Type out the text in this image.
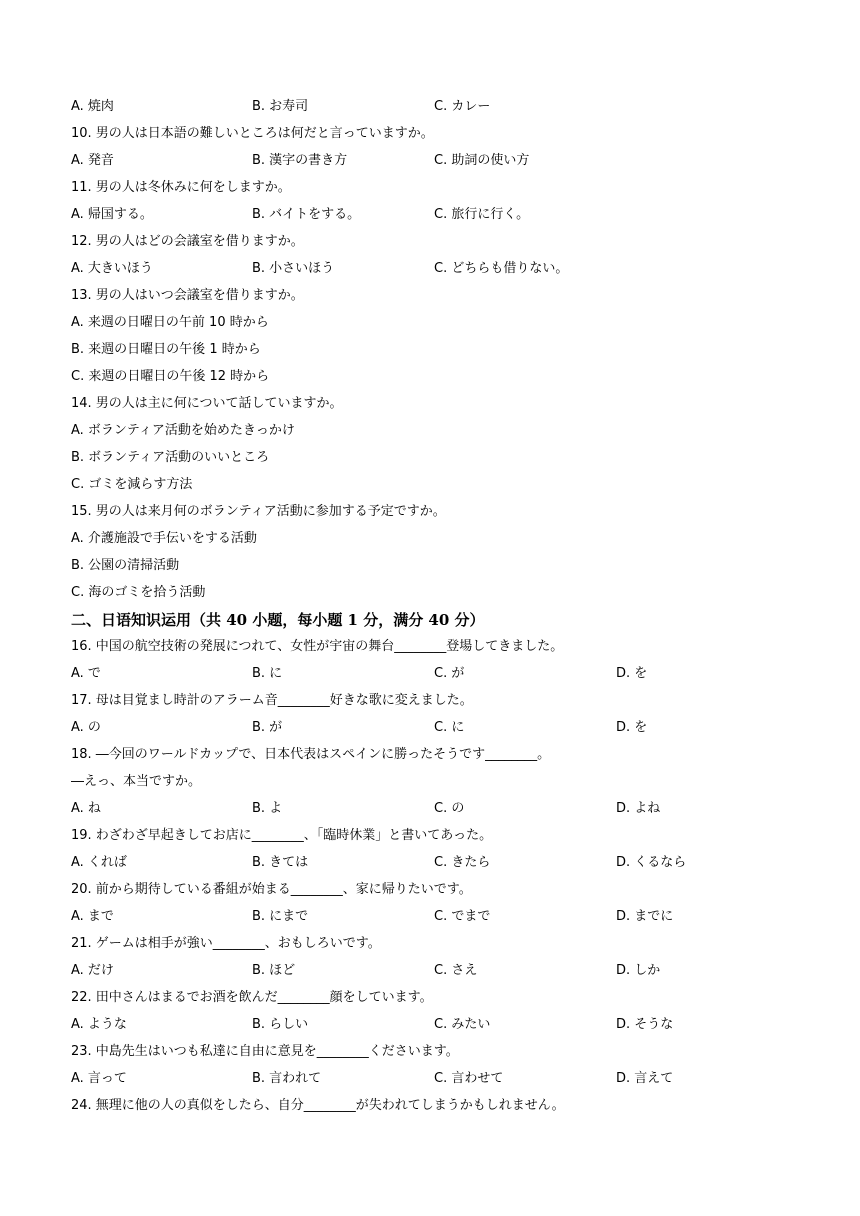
A. 焼肉	B. お寿司	C. カレー
10. 男の人は日本語の難しいところは何だと言っていますか。
A. 発音	B. 漢字の書き方	C. 助詞の使い方
11. 男の人は冬休みに何をしますか。
A. 帰国する。	B. バイトをする。	C. 旅行に行く。
12. 男の人はどの会議室を借りますか。
A. 大きいほう	B. 小さいほう	C. どちらも借りない。
13. 男の人はいつ会議室を借りますか。
A. 来週の日曜日の午前 10 時から
B. 来週の日曜日の午後 1 時から
C. 来週の日曜日の午後 12 時から
14. 男の人は主に何について話していますか。
A. ボランティア活動を始めたきっかけ
B. ボランティア活動のいいところ
C. ゴミを減らす方法
15. 男の人は来月何のボランティア活動に参加する予定ですか。
A. 介護施設で手伝いをする活動
B. 公園の清掃活動
C. 海のゴミを拾う活動
二、日语知识运用（共 40 小题，每小题 1 分，满分 40 分）
16. 中国の航空技術の発展につれて、女性が宇宙の舞台________登場してきました。
A. で	B. に	C. が	D. を
17. 母は目覚まし時計のアラーム音________好きな歌に変えました。
A. の	B. が	C. に	D. を
18. ―今回のワールドカップで、日本代表はスペインに勝ったそうです________。
―えっ、本当ですか。
A. ね	B. よ	C. の	D. よね
19. わざわざ早起きしてお店に________、「臨時休業」と書いてあった。
A. くれば	B. きては	C. きたら	D. くるなら
20. 前から期待している番組が始まる________、家に帰りたいです。
A. まで	B. にまで	C. でまで	D. までに
21. ゲームは相手が強い________、おもしろいです。
A. だけ	B. ほど	C. さえ	D. しか
22. 田中さんはまるでお酒を飲んだ________顔をしています。
A. ような	B. らしい	C. みたい	D. そうな
23. 中島先生はいつも私達に自由に意見を________くださいます。
A. 言って	B. 言われて	C. 言わせて	D. 言えて
24. 無理に他の人の真似をしたら、自分________が失われてしまうかもしれません。
